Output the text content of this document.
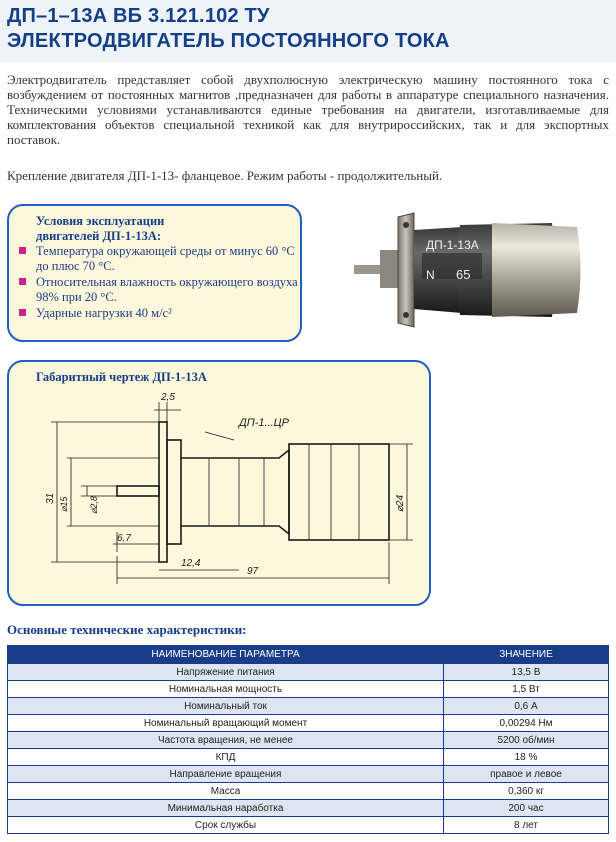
ДП–1–13А ВБ 3.121.102 ТУ
ЭЛЕКТРОДВИГАТЕЛЬ ПОСТОЯННОГО ТОКА

Электродвигатель представляет собой двухполюсную электрическую машину постоянного тока с возбуждением от постоянных магнитов ,предназначен для работы в аппаратуре специального назначения. Техническими условиями устанавливаются единые требования на двигатели, изготавливаемые для комплектования объектов специальной техникой как для внутрироссийских, так и для экспортных поставок.

Крепление двигателя ДП-1-13- фланцевое. Режим работы - продолжительный.

Условия эксплуатации
двигателей ДП-1-13А:
Температура окружающей среды от минус 60 °С до плюс 70 °С.
Относительная влажность окружающего воздуха 98% при 20 °С.
Ударные нагрузки 40 м/с²
ДП-1-13А
N 65
Габаритный чертеж ДП-1-13А
2,5
ДП-1...ЦР
31 ⌀15 ⌀2,8	⌀24
6,7
12,4
97
Основные технические характеристики:
НАИМЕНОВАНИЕ ПАРАМЕТРА	ЗНАЧЕНИЕ
Напряжение питания	13,5 В
Номинальная мощность	1,5 Вт
Номинальный ток	0,6 А
Номинальный вращающий момент	0,00294 Нм
Частота вращения, не менее	5200 об/мин
КПД	18 %
Направление вращения	правое и левое
Масса	0,360 кг
Минимальная наработка	200 час
Срок службы	8 лет
